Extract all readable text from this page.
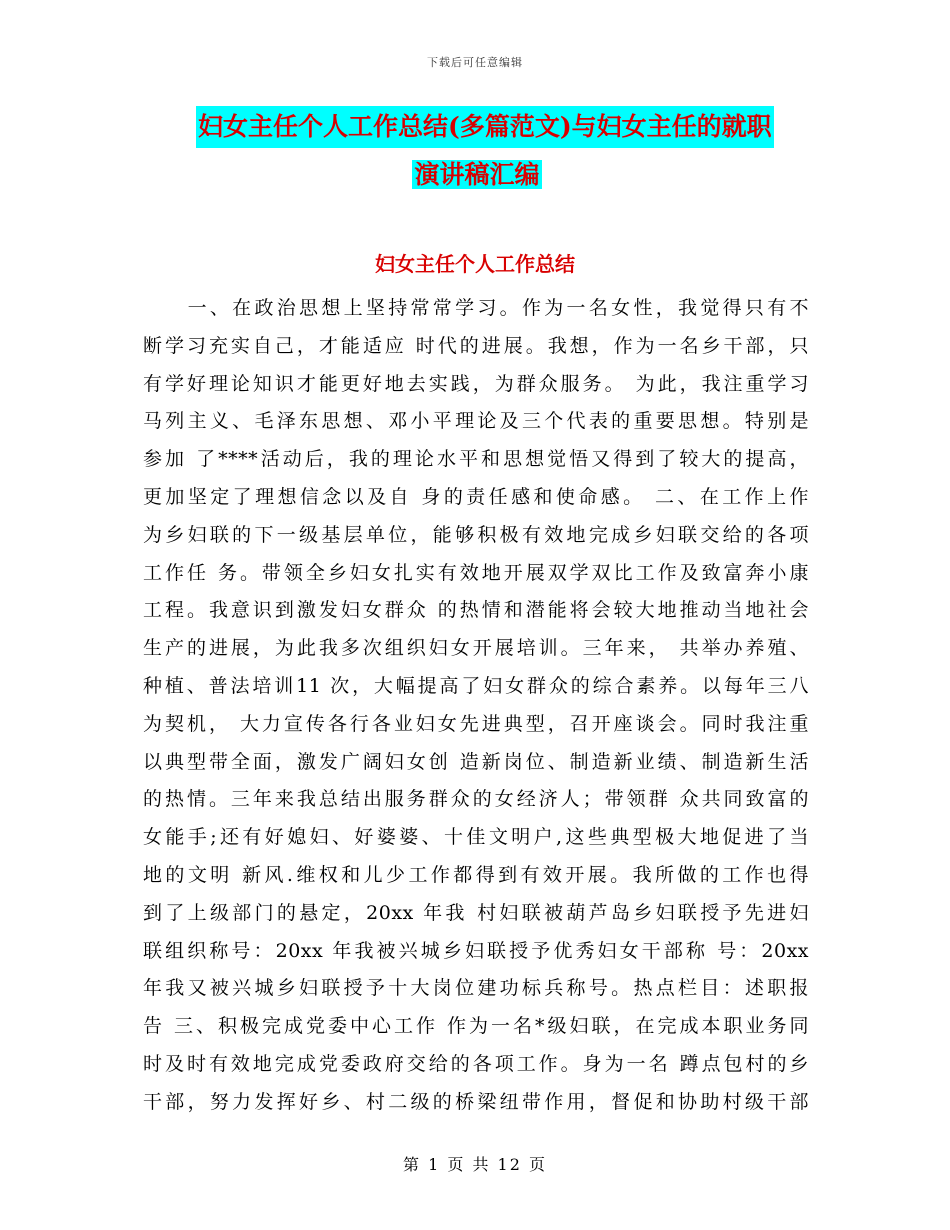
下载后可任意编辑
妇女主任个人工作总结(多篇范文)与妇女主任的就职
演讲稿汇编
妇女主任个人工作总结
　　一、在政治思想上坚持常常学习。作为一名女性，我觉得只有不
断学习充实自己，才能适应 时代的进展。我想，作为一名乡干部，只
有学好理论知识才能更好地去实践，为群众服务。 为此，我注重学习
马列主义、毛泽东思想、邓小平理论及三个代表的重要思想。特别是
参加 了****活动后，我的理论水平和思想觉悟又得到了较大的提高，
更加坚定了理想信念以及自 身的责任感和使命感。 二、在工作上作
为乡妇联的下一级基层单位，能够积极有效地完成乡妇联交给的各项
工作任 务。带领全乡妇女扎实有效地开展双学双比工作及致富奔小康
工程。我意识到激发妇女群众 的热情和潜能将会较大地推动当地社会
生产的进展，为此我多次组织妇女开展培训。三年来， 共举办养殖、
种植、普法培训11 次，大幅提高了妇女群众的综合素养。以每年三八
为契机， 大力宣传各行各业妇女先进典型，召开座谈会。同时我注重
以典型带全面，激发广阔妇女创 造新岗位、制造新业绩、制造新生活
的热情。三年来我总结出服务群众的女经济人；带领群 众共同致富的
女能手;还有好媳妇、好婆婆、十佳文明户,这些典型极大地促进了当
地的文明 新风.维权和儿少工作都得到有效开展。我所做的工作也得
到了上级部门的悬定，20xx 年我 村妇联被葫芦岛乡妇联授予先进妇
联组织称号：20xx 年我被兴城乡妇联授予优秀妇女干部称 号：20xx
年我又被兴城乡妇联授予十大岗位建功标兵称号。热点栏目：述职报
告 三、积极完成党委中心工作 作为一名*级妇联，在完成本职业务同
时及时有效地完成党委政府交给的各项工作。身为一名 蹲点包村的乡
干部，努力发挥好乡、村二级的桥梁纽带作用，督促和协助村级干部
第 1 页 共 12 页
